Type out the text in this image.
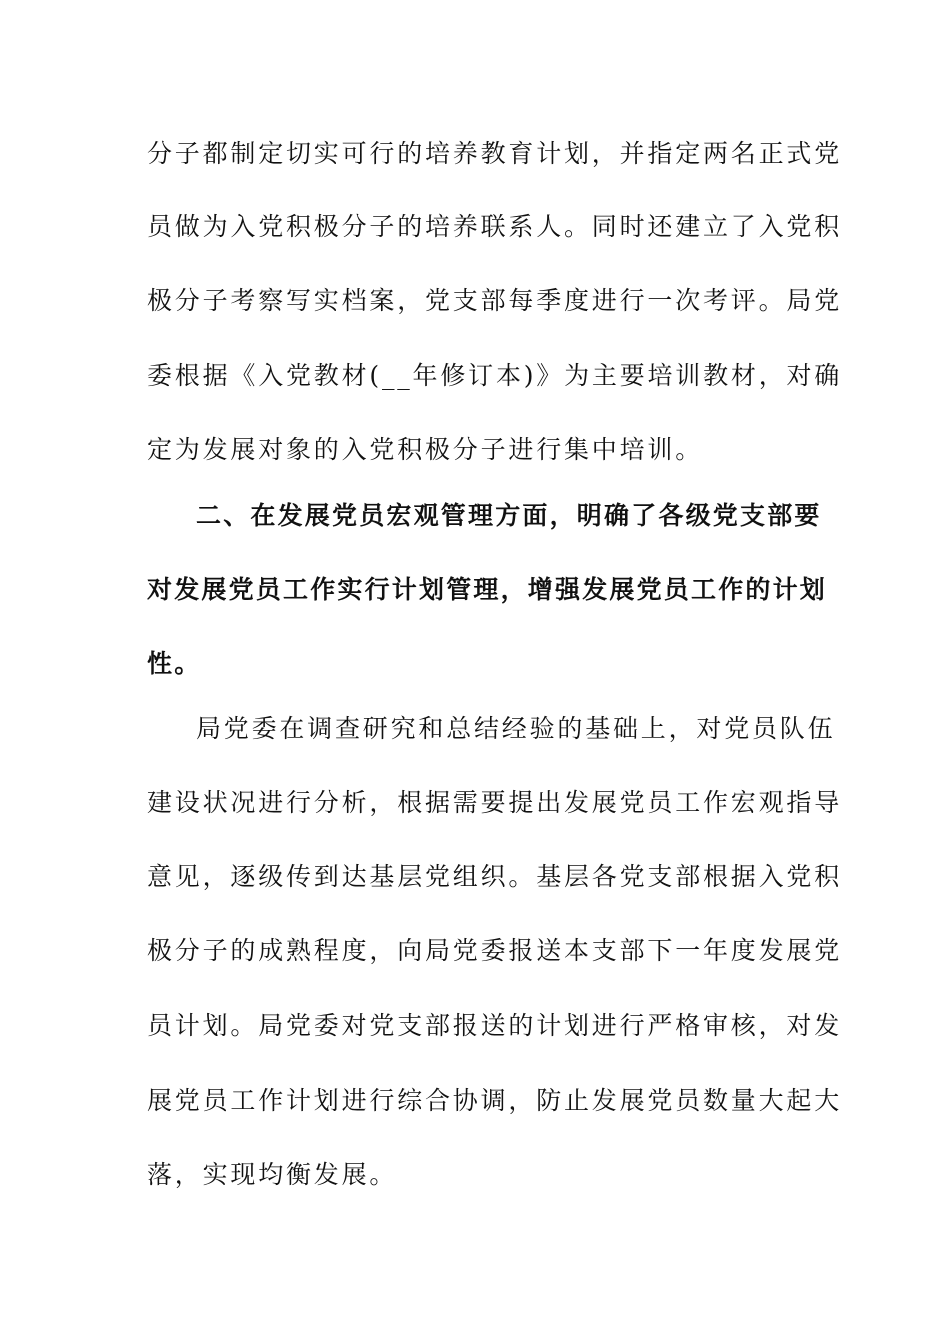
分子都制定切实可行的培养教育计划，并指定两名正式党
员做为入党积极分子的培养联系人。同时还建立了入党积
极分子考察写实档案，党支部每季度进行一次考评。局党
委根据《入党教材(__年修订本)》为主要培训教材，对确
定为发展对象的入党积极分子进行集中培训。
二、在发展党员宏观管理方面，明确了各级党支部要
对发展党员工作实行计划管理，增强发展党员工作的计划
性。
局党委在调查研究和总结经验的基础上，对党员队伍
建设状况进行分析，根据需要提出发展党员工作宏观指导
意见，逐级传到达基层党组织。基层各党支部根据入党积
极分子的成熟程度，向局党委报送本支部下一年度发展党
员计划。局党委对党支部报送的计划进行严格审核，对发
展党员工作计划进行综合协调，防止发展党员数量大起大
落，实现均衡发展。
